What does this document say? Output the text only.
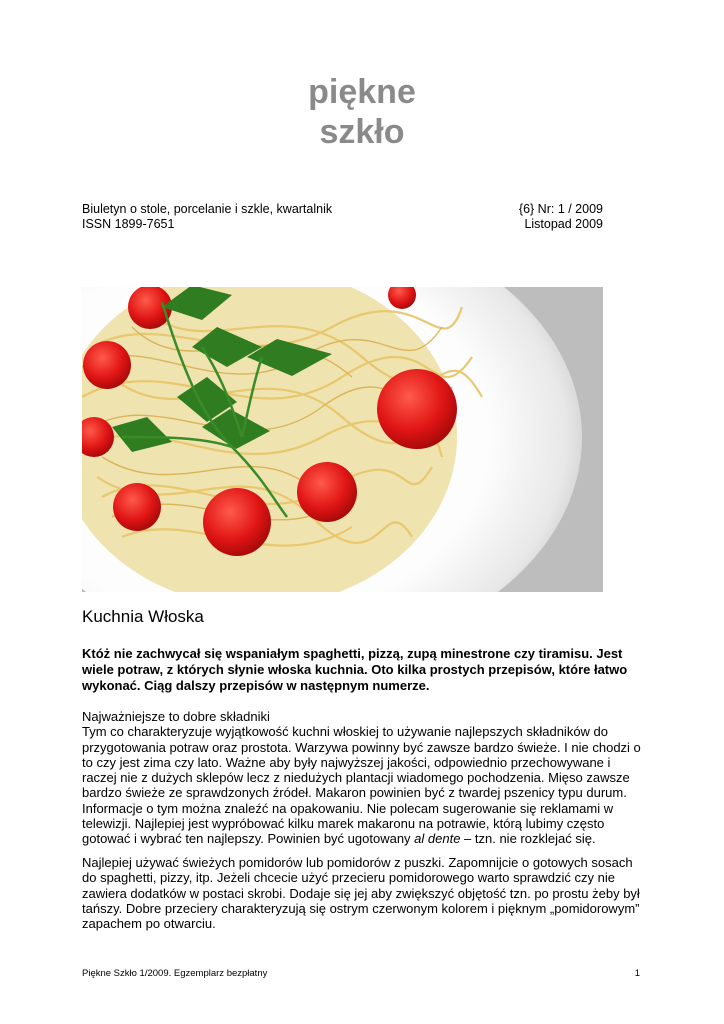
piękne
szkło
Biuletyn o stole, porcelanie i szkle, kwartalnik
ISSN 1899-7651
{6} Nr: 1 / 2009
Listopad 2009
Kuchnia Włoska
Któż nie zachwycał się wspaniałym spaghetti, pizzą, zupą minestrone czy tiramisu. Jest wiele potraw, z których słynie włoska kuchnia. Oto kilka prostych przepisów, które łatwo wykonać. Ciąg dalszy przepisów w następnym numerze.
Najważniejsze to dobre składniki
Tym co charakteryzuje wyjątkowość kuchni włoskiej to używanie najlepszych składników do przygotowania potraw oraz prostota. Warzywa powinny być zawsze bardzo świeże. I nie chodzi o to czy jest zima czy lato. Ważne aby były najwyższej jakości, odpowiednio przechowywane i raczej nie z dużych sklepów lecz z niedużych plantacji wiadomego pochodzenia. Mięso zawsze bardzo świeże ze sprawdzonych źródeł. Makaron powinien być z twardej pszenicy typu durum. Informacje o tym można znaleźć na opakowaniu. Nie polecam sugerowanie się reklamami w telewizji. Najlepiej jest wypróbować kilku marek makaronu na potrawie, którą lubimy często gotować i wybrać ten najlepszy. Powinien być ugotowany al dente – tzn. nie rozklejać się.
Najlepiej używać świeżych pomidorów lub pomidorów z puszki. Zapomnijcie o gotowych sosach do spaghetti, pizzy, itp. Jeżeli chcecie użyć przecieru pomidorowego warto sprawdzić czy nie zawiera dodatków w postaci skrobi. Dodaje się jej aby zwiększyć objętość tzn. po prostu żeby był tańszy. Dobre przeciery charakteryzują się ostrym czerwonym kolorem i pięknym „pomidorowym” zapachem po otwarciu.
Piękne Szkło 1/2009. Egzemplarz bezpłatny	1
